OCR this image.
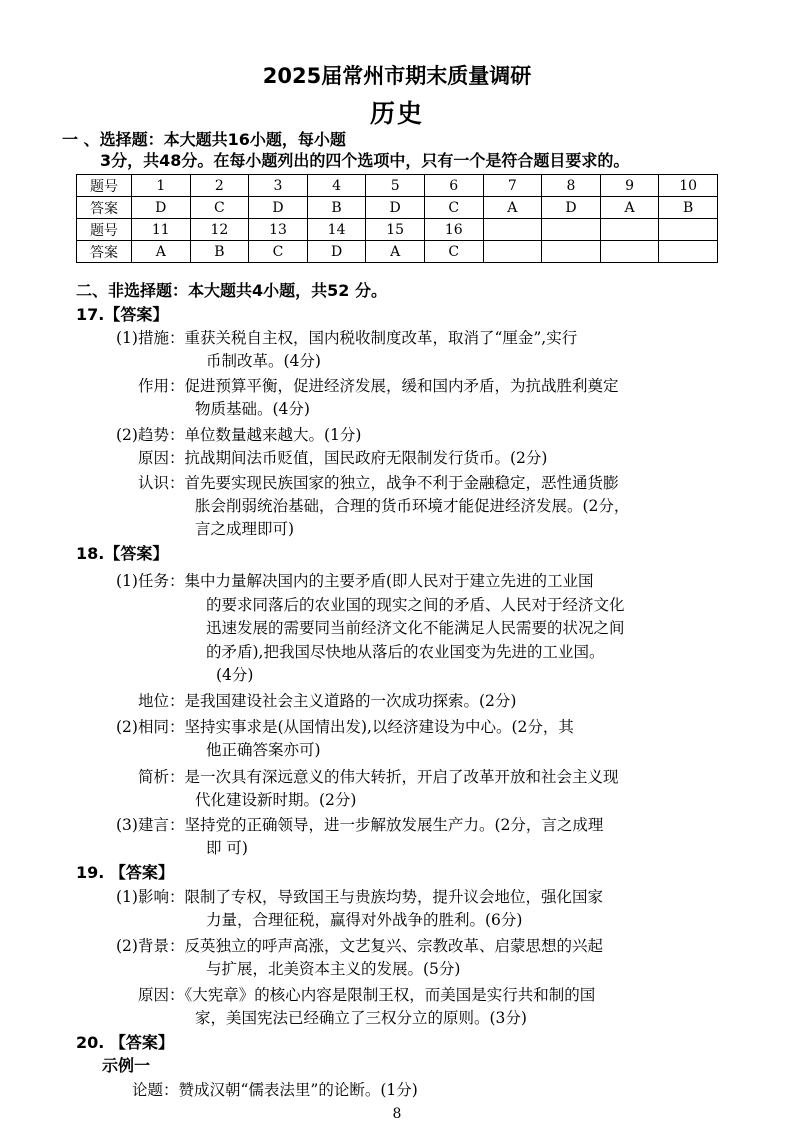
2025届常州市期末质量调研
历史
一 、选择题：本大题共16小题，每小题
3分，共48分。在每小题列出的四个选项中，只有一个是符合题目要求的。
题号	1	2	3	4	5	6	7	8	9	10
答案	D	C	D	B	D	C	A	D	A	B
题号	11	12	13	14	15	16				
答案	A	B	C	D	A	C				
二、非选择题：本大题共4小题，共52 分。
17.【答案】
(1)措施：重获关税自主权，国内税收制度改革，取消了“厘金”,实行
币制改革。(4分)
作用：促进预算平衡，促进经济发展，缓和国内矛盾，为抗战胜利奠定
物质基础。(4分)
(2)趋势：单位数量越来越大。(1分)
原因：抗战期间法币贬值，国民政府无限制发行货币。(2分)
认识：首先要实现民族国家的独立，战争不利于金融稳定，恶性通货膨
胀会削弱统治基础，合理的货币环境才能促进经济发展。(2分，
言之成理即可)
18.【答案】
(1)任务：集中力量解决国内的主要矛盾(即人民对于建立先进的工业国
的要求同落后的农业国的现实之间的矛盾、人民对于经济文化
迅速发展的需要同当前经济文化不能满足人民需要的状况之间
的矛盾),把我国尽快地从落后的农业国变为先进的工业国。
(4分)
地位：是我国建设社会主义道路的一次成功探索。(2分)
(2)相同：坚持实事求是(从国情出发),以经济建设为中心。(2分，其
他正确答案亦可)
简析：是一次具有深远意义的伟大转折，开启了改革开放和社会主义现
代化建设新时期。(2分)
(3)建言：坚持党的正确领导，进一步解放发展生产力。(2分，言之成理
即 可)
19. 【答案】
(1)影响：限制了专权，导致国王与贵族均势，提升议会地位，强化国家
力量，合理征税，赢得对外战争的胜利。(6分)
(2)背景：反英独立的呼声高涨，文艺复兴、宗教改革、启蒙思想的兴起
与扩展，北美资本主义的发展。(5分)
原因：《大宪章》的核心内容是限制王权，而美国是实行共和制的国
家，美国宪法已经确立了三权分立的原则。(3分)
20. 【答案】
示例一
论题：赞成汉朝“儒表法里”的论断。(1分)
8
